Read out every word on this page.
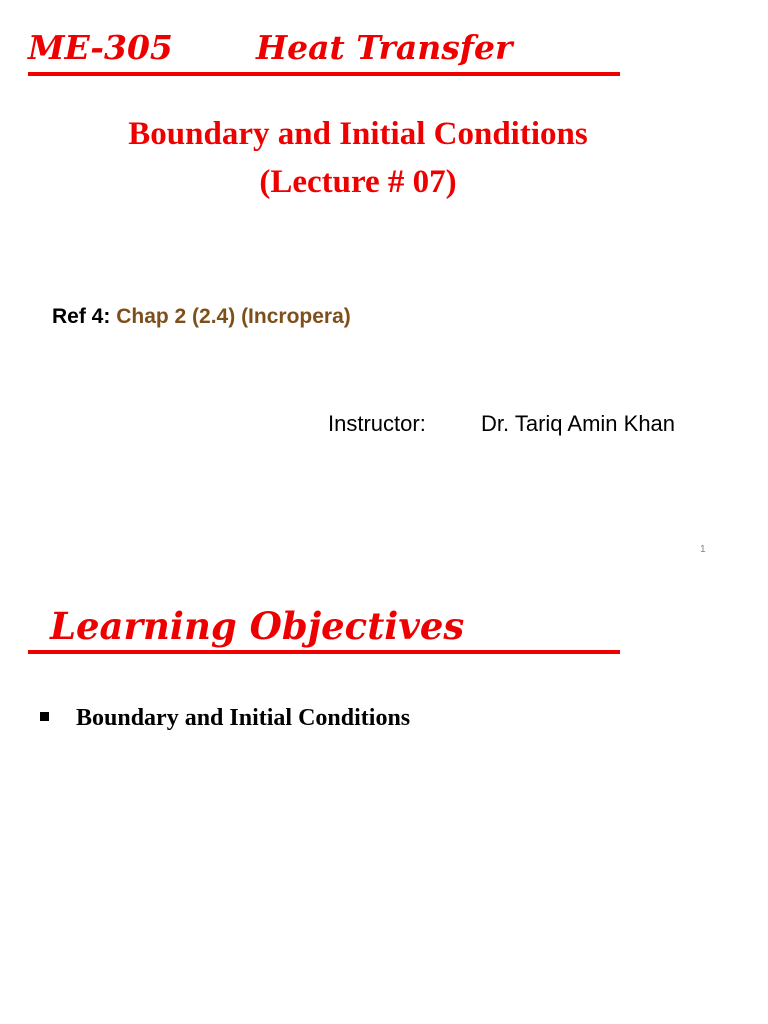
ME-305	Heat Transfer
Boundary and Initial Conditions
(Lecture # 07)
Ref 4: Chap 2 (2.4) (Incropera)
Instructor:	Dr. Tariq Amin Khan
1
Learning Objectives
Boundary and Initial Conditions
